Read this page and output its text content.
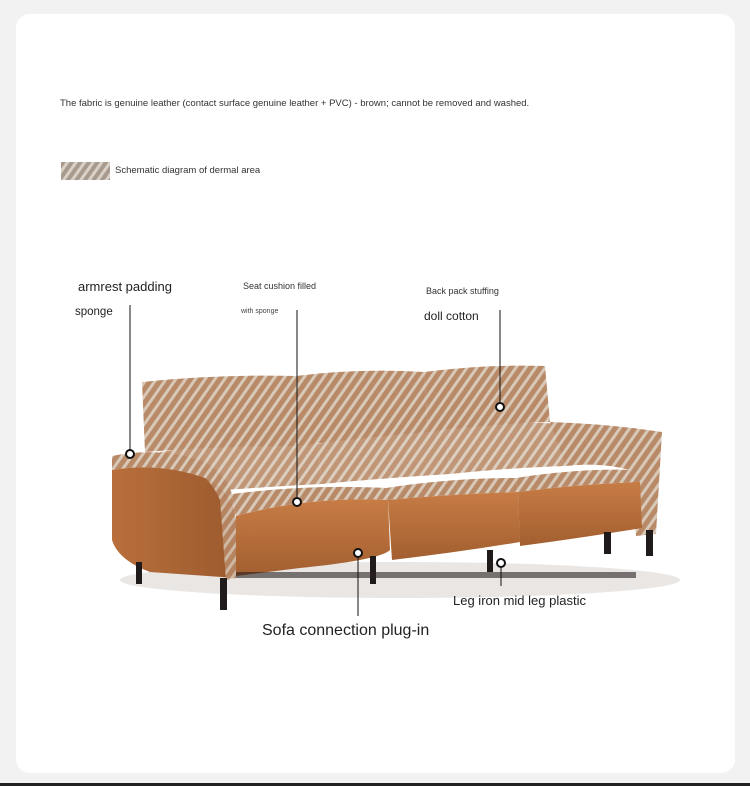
The fabric is genuine leather (contact surface genuine leather + PVC) - brown; cannot be removed and washed.
Schematic diagram of dermal area
armrest padding
sponge
Seat cushion filled
with sponge
Back pack stuffing
doll cotton
Leg iron mid leg plastic
Sofa connection plug-in
